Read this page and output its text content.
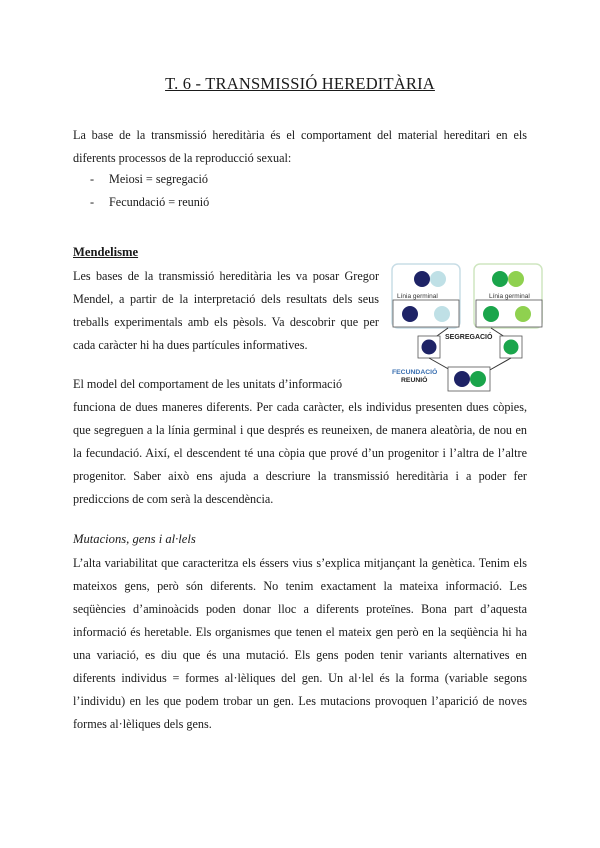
T. 6 - TRANSMISSIÓ HEREDITÀRIA

La base de la transmissió hereditària és el comportament del material hereditari en els diferents processos de la reproducció sexual:

-	Meiosi = segregació
-	Fecundació = reunió
Mendelisme

Les bases de la transmissió hereditària les va posar Gregor Mendel, a partir de la interpretació dels resultats dels seus treballs experimentals amb els pèsols. Va descobrir que per cada caràcter hi ha dues partícules informatives.

El model del comportament de les unitats d’informació

funciona de dues maneres diferents. Per cada caràcter, els individus presenten dues còpies, que segreguen a la línia germinal i que després es reuneixen, de manera aleatòria, de nou en la fecundació. Així, el descendent té una còpia que prové d’un progenitor i l’altra de l’altre progenitor. Saber això ens ajuda a descriure la transmissió hereditària i a poder fer prediccions de com serà la descendència.

Línia germinal	Línia germinal
SEGREGACIÓ
FECUNDACIÓ
REUNIÓ
Mutacions, gens i al·lels

L’alta variabilitat que caracteritza els éssers vius s’explica mitjançant la genètica. Tenim els mateixos gens, però són diferents. No tenim exactament la mateixa informació. Les seqüències d’aminoàcids poden donar lloc a diferents proteïnes. Bona part d’aquesta informació és heretable. Els organismes que tenen el mateix gen però en la seqüència hi ha una variació, es diu que és una mutació. Els gens poden tenir variants alternatives en diferents individus = formes al·lèliques del gen. Un al·lel és la forma (variable segons l’individu) en les que podem trobar un gen. Les mutacions provoquen l’aparició de noves formes al·lèliques dels gens.
